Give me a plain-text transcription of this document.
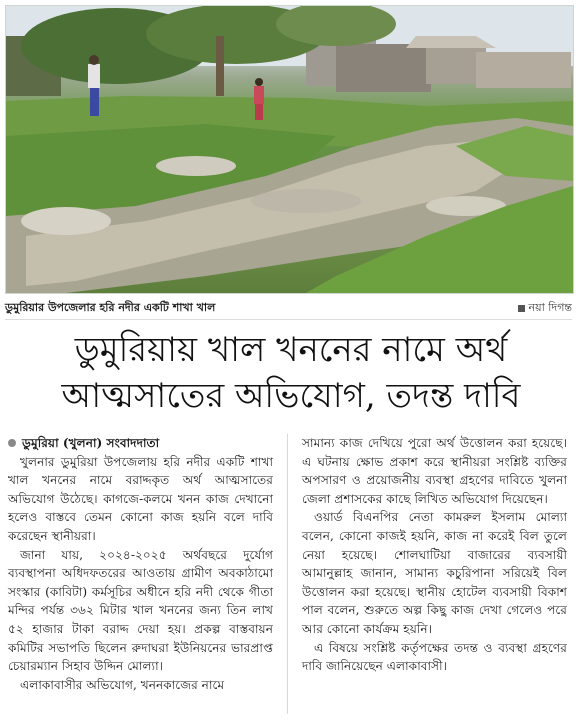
ডুমুরিয়ার উপজেলার হরি নদীর একটি শাখা খাল	নয়া দিগন্ত
ডুমুরিয়ায় খাল খননের নামে অর্থ
আত্মসাতের অভিযোগ, তদন্ত দাবি
ডুমুরিয়া (খুলনা) সংবাদদাতা

খুলনার ডুমুরিয়া উপজেলায় হরি নদীর একটি শাখা খাল খননের নামে বরাদ্দকৃত অর্থ আত্মসাতের অভিযোগ উঠেছে। কাগজে-কলমে খনন কাজ দেখানো হলেও বাস্তবে তেমন কোনো কাজ হয়নি বলে দাবি করেছেন স্থানীয়রা।

জানা যায়, ২০২৪-২০২৫ অর্থবছরে দুর্যোগ ব্যবস্থাপনা অধিদফতরের আওতায় গ্রামীণ অবকাঠামো সংস্কার (কাবিটা) কর্মসূচির অধীনে হরি নদী থেকে গীতা মন্দির পর্যন্ত ৩৬২ মিটার খাল খননের জন্য তিন লাখ ৫২ হাজার টাকা বরাদ্দ দেয়া হয়। প্রকল্প বাস্তবায়ন কমিটির সভাপতি ছিলেন রুদাঘরা ইউনিয়নের ভারপ্রাপ্ত চেয়ারম্যান সিহাব উদ্দিন মোল্যা।

এলাকাবাসীর অভিযোগ, খননকাজের নামে

সামান্য কাজ দেখিয়ে পুরো অর্থ উত্তোলন করা হয়েছে। এ ঘটনায় ক্ষোভ প্রকাশ করে স্থানীয়রা সংশ্লিষ্ট ব্যক্তির অপসারণ ও প্রয়োজনীয় ব্যবস্থা গ্রহণের দাবিতে খুলনা জেলা প্রশাসকের কাছে লিখিত অভিযোগ দিয়েছেন।

ওয়ার্ড বিএনপির নেতা কামরুল ইসলাম মোল্যা বলেন, কোনো কাজই হয়নি, কাজ না করেই বিল তুলে নেয়া হয়েছে। শোলঘাটিয়া বাজারের ব্যবসায়ী আমানুল্লাহ জানান, সামান্য কচুরিপানা সরিয়েই বিল উত্তোলন করা হয়েছে। স্থানীয় হোটেল ব্যবসায়ী বিকাশ পাল বলেন, শুরুতে অল্প কিছু কাজ দেখা গেলেও পরে আর কোনো কার্যক্রম হয়নি।

এ বিষয়ে সংশ্লিষ্ট কর্তৃপক্ষের তদন্ত ও ব্যবস্থা গ্রহণের দাবি জানিয়েছেন এলাকাবাসী।
